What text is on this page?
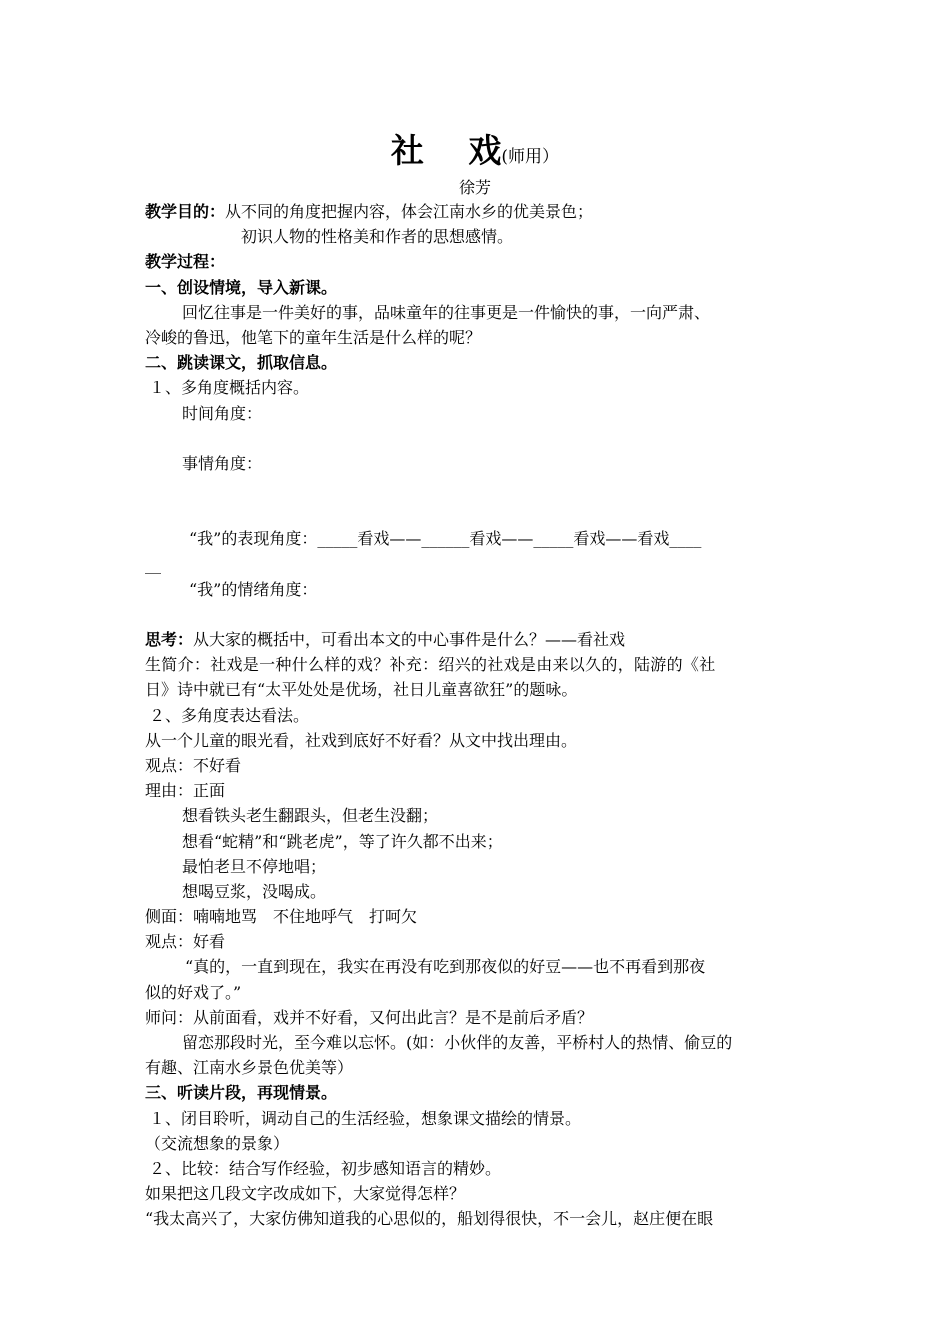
社　 戏(师用）
徐芳
教学目的：从不同的角度把握内容，体会江南水乡的优美景色；
初识人物的性格美和作者的思想感情。
教学过程：
一、创设情境，导入新课。
回忆往事是一件美好的事，品味童年的往事更是一件愉快的事，一向严肃、
冷峻的鲁迅，他笔下的童年生活是什么样的呢？
二、跳读课文，抓取信息。
１、多角度概括内容。
时间角度：
事情角度：
“我”的表现角度：_____看戏——______看戏——_____看戏——看戏____
__
“我”的情绪角度：
思考：从大家的概括中，可看出本文的中心事件是什么？——看社戏
生简介：社戏是一种什么样的戏？补充：绍兴的社戏是由来以久的，陆游的《社
日》诗中就已有“太平处处是优场，社日儿童喜欲狂”的题咏。
２、多角度表达看法。
从一个儿童的眼光看，社戏到底好不好看？从文中找出理由。
观点：不好看
理由：正面
想看铁头老生翻跟头，但老生没翻；
想看“蛇精”和“跳老虎”，等了许久都不出来；
最怕老旦不停地唱；
想喝豆浆，没喝成。
侧面：喃喃地骂　不住地呼气　打呵欠
观点：好看
“真的，一直到现在，我实在再没有吃到那夜似的好豆——也不再看到那夜
似的好戏了。”
师问：从前面看，戏并不好看，又何出此言？是不是前后矛盾？
留恋那段时光，至今难以忘怀。(如：小伙伴的友善，平桥村人的热情、偷豆的
有趣、江南水乡景色优美等）
三、听读片段，再现情景。
１、闭目聆听，调动自己的生活经验，想象课文描绘的情景。
（交流想象的景象）
２、比较：结合写作经验，初步感知语言的精妙。
如果把这几段文字改成如下，大家觉得怎样？
“我太高兴了，大家仿佛知道我的心思似的，船划得很快，不一会儿，赵庄便在眼
